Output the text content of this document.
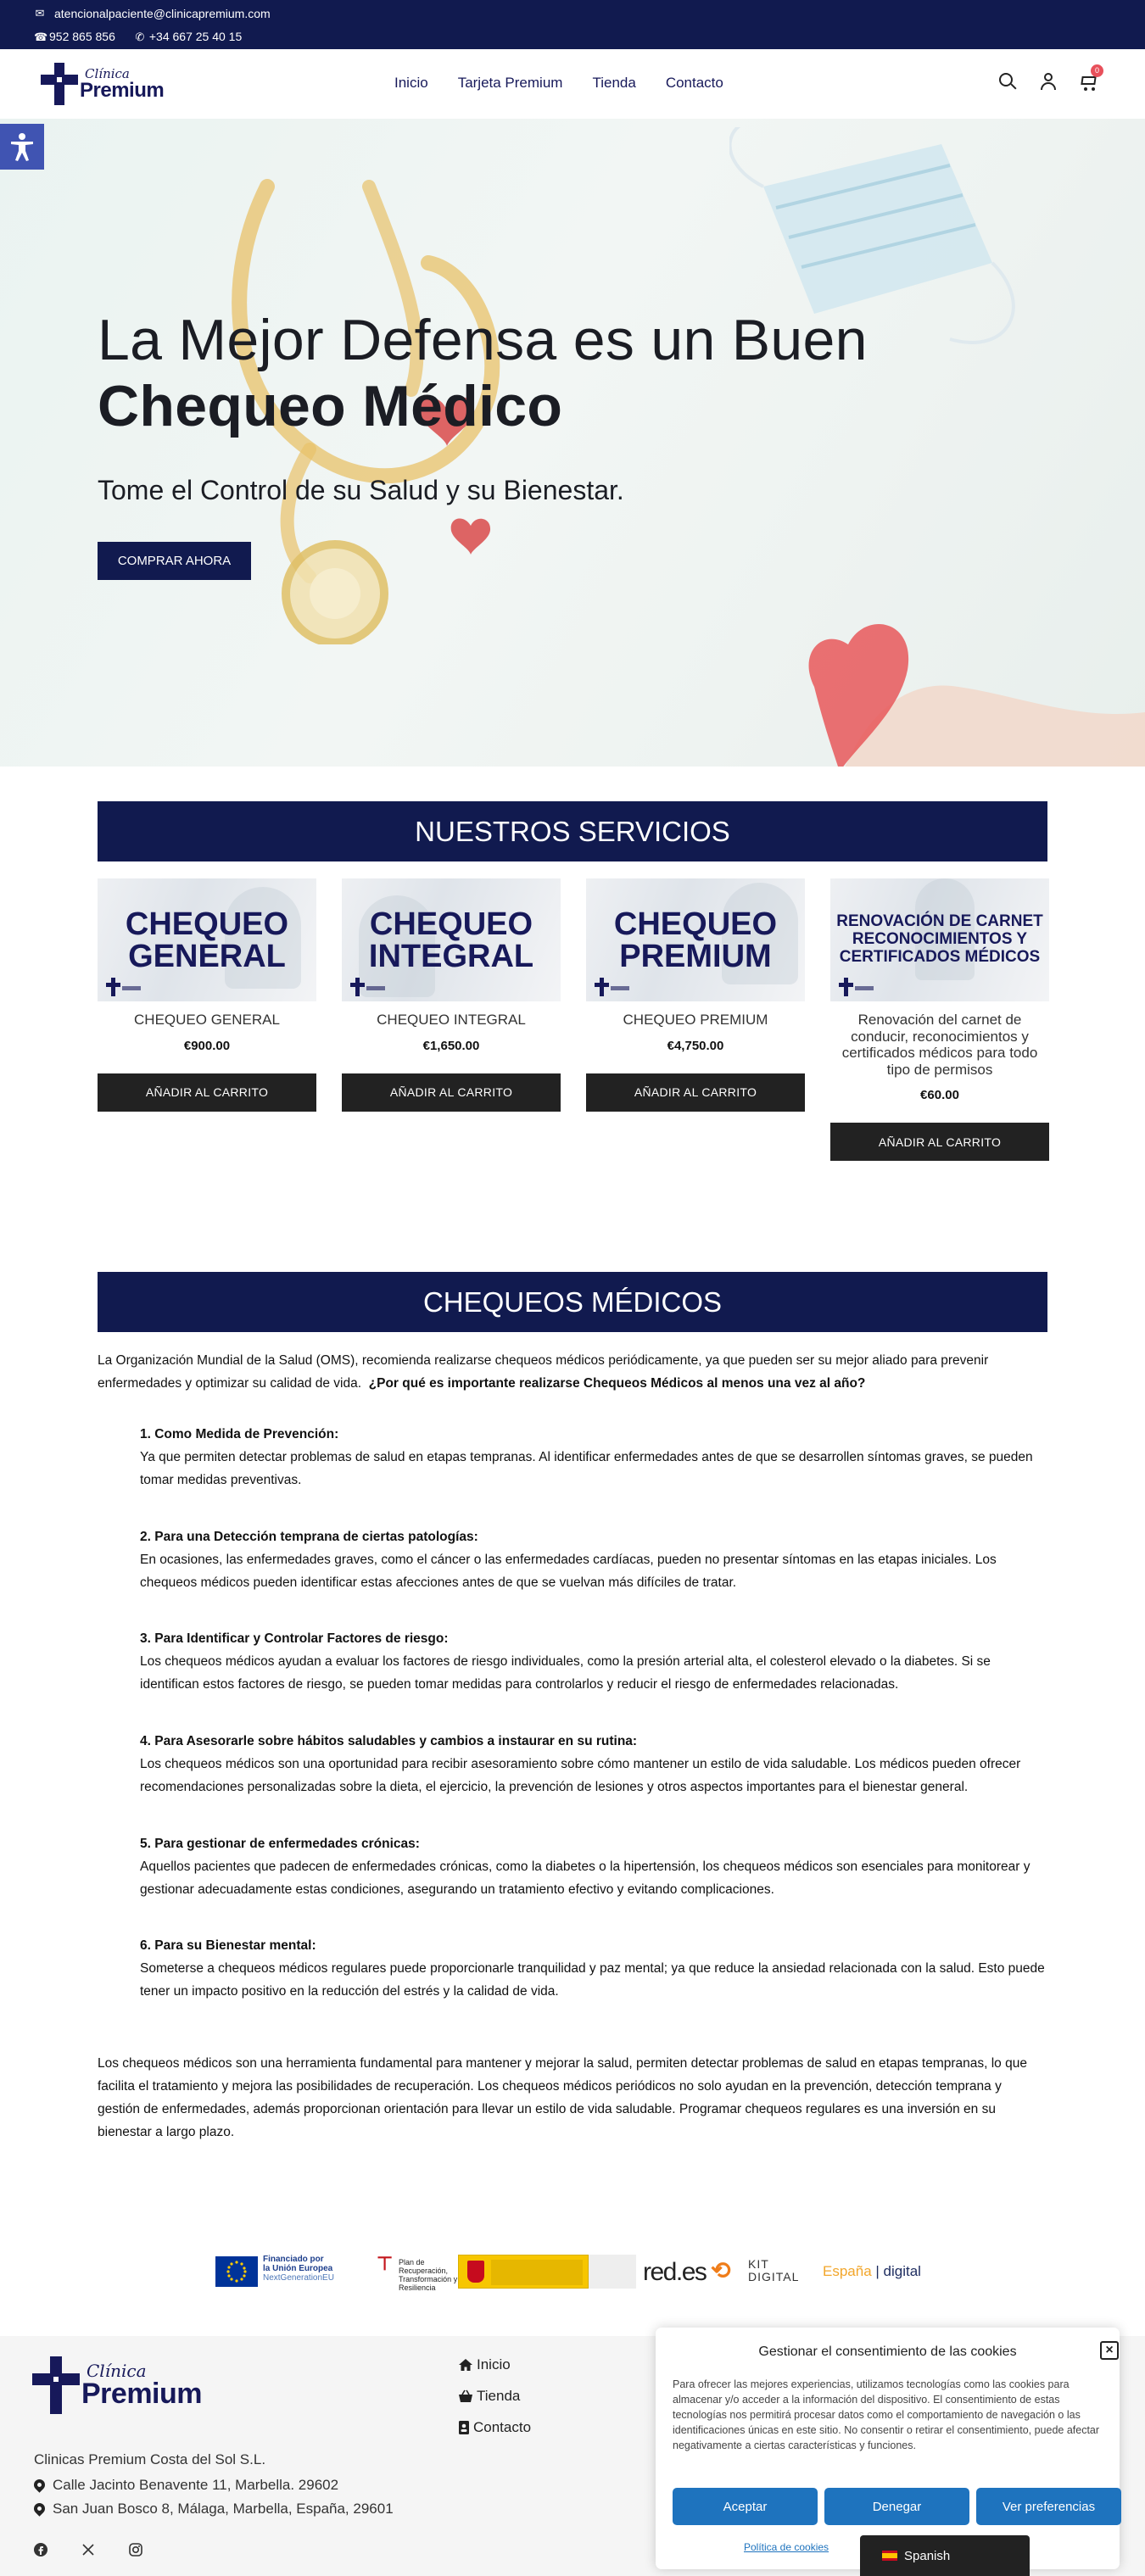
✉ atencionalpaciente@clinicapremium.com
☎ 952 865 856 ✆ +34 667 25 40 15
Clínica
Premium	Inicio Tarjeta Premium Tienda Contacto
0
La Mejor Defensa es un Buen
Chequeo Médico
Tome el Control de su Salud y su Bienestar.
COMPRAR AHORA
NUESTROS SERVICIOS
CHEQUEO
GENERAL
CHEQUEO GENERAL
€900.00
AÑADIR AL CARRITO
CHEQUEO
INTEGRAL
CHEQUEO INTEGRAL
€1,650.00
AÑADIR AL CARRITO
CHEQUEO
PREMIUM
CHEQUEO PREMIUM
€4,750.00
AÑADIR AL CARRITO
RENOVACIÓN DE CARNET
RECONOCIMIENTOS Y CERTIFICADOS MÉDICOS
Renovación del carnet de conducir, reconocimientos y certificados médicos para todo tipo de permisos
€60.00
AÑADIR AL CARRITO
CHEQUEOS MÉDICOS
La Organización Mundial de la Salud (OMS), recomienda realizarse chequeos médicos periódicamente, ya que pueden ser su mejor aliado para prevenir enfermedades y optimizar su calidad de vida. ¿Por qué es importante realizarse Chequeos Médicos al menos una vez al año?
1. Como Medida de Prevención:
Ya que permiten detectar problemas de salud en etapas tempranas. Al identificar enfermedades antes de que se desarrollen síntomas graves, se pueden tomar medidas preventivas.
2. Para una Detección temprana de ciertas patologías:
En ocasiones, las enfermedades graves, como el cáncer o las enfermedades cardíacas, pueden no presentar síntomas en las etapas iniciales. Los chequeos médicos pueden identificar estas afecciones antes de que se vuelvan más difíciles de tratar.
3. Para Identificar y Controlar Factores de riesgo:
Los chequeos médicos ayudan a evaluar los factores de riesgo individuales, como la presión arterial alta, el colesterol elevado o la diabetes. Si se identifican estos factores de riesgo, se pueden tomar medidas para controlarlos y reducir el riesgo de enfermedades relacionadas.
4. Para Asesorarle sobre hábitos saludables y cambios a instaurar en su rutina:
Los chequeos médicos son una oportunidad para recibir asesoramiento sobre cómo mantener un estilo de vida saludable. Los médicos pueden ofrecer recomendaciones personalizadas sobre la dieta, el ejercicio, la prevención de lesiones y otros aspectos importantes para el bienestar general.
5. Para gestionar de enfermedades crónicas:
Aquellos pacientes que padecen de enfermedades crónicas, como la diabetes o la hipertensión, los chequeos médicos son esenciales para monitorear y gestionar adecuadamente estas condiciones, asegurando un tratamiento efectivo y evitando complicaciones.
6. Para su Bienestar mental:
Someterse a chequeos médicos regulares puede proporcionarle tranquilidad y paz mental; ya que reduce la ansiedad relacionada con la salud. Esto puede tener un impacto positivo en la reducción del estrés y la calidad de vida.
Los chequeos médicos son una herramienta fundamental para mantener y mejorar la salud, permiten detectar problemas de salud en etapas tempranas, lo que facilita el tratamiento y mejora las posibilidades de recuperación. Los chequeos médicos periódicos no solo ayudan en la prevención, detección temprana y gestión de enfermedades, además proporcionan orientación para llevar un estilo de vida saludable. Programar chequeos regulares es una inversión en su bienestar a largo plazo.
Financiado por
la Unión Europea
NextGenerationEU
⊤ Plan de Recuperación, Transformación y Resiliencia
red.es ⟲ KIT
DIGITAL España | digital
Clínica
Premium
Clinicas Premium Costa del Sol S.L.
Calle Jacinto Benavente 11, Marbella. 29602
San Juan Bosco 8, Málaga, Marbella, España, 29601
Inicio
Tienda
Contacto
Gestionar el consentimiento de las cookies	×
Para ofrecer las mejores experiencias, utilizamos tecnologías como las cookies para almacenar y/o acceder a la información del dispositivo. El consentimiento de estas tecnologías nos permitirá procesar datos como el comportamiento de navegación o las identificaciones únicas en este sitio. No consentir o retirar el consentimiento, puede afectar negativamente a ciertas características y funciones.
Aceptar	Denegar	Ver preferencias
Política de cookies
Spanish
